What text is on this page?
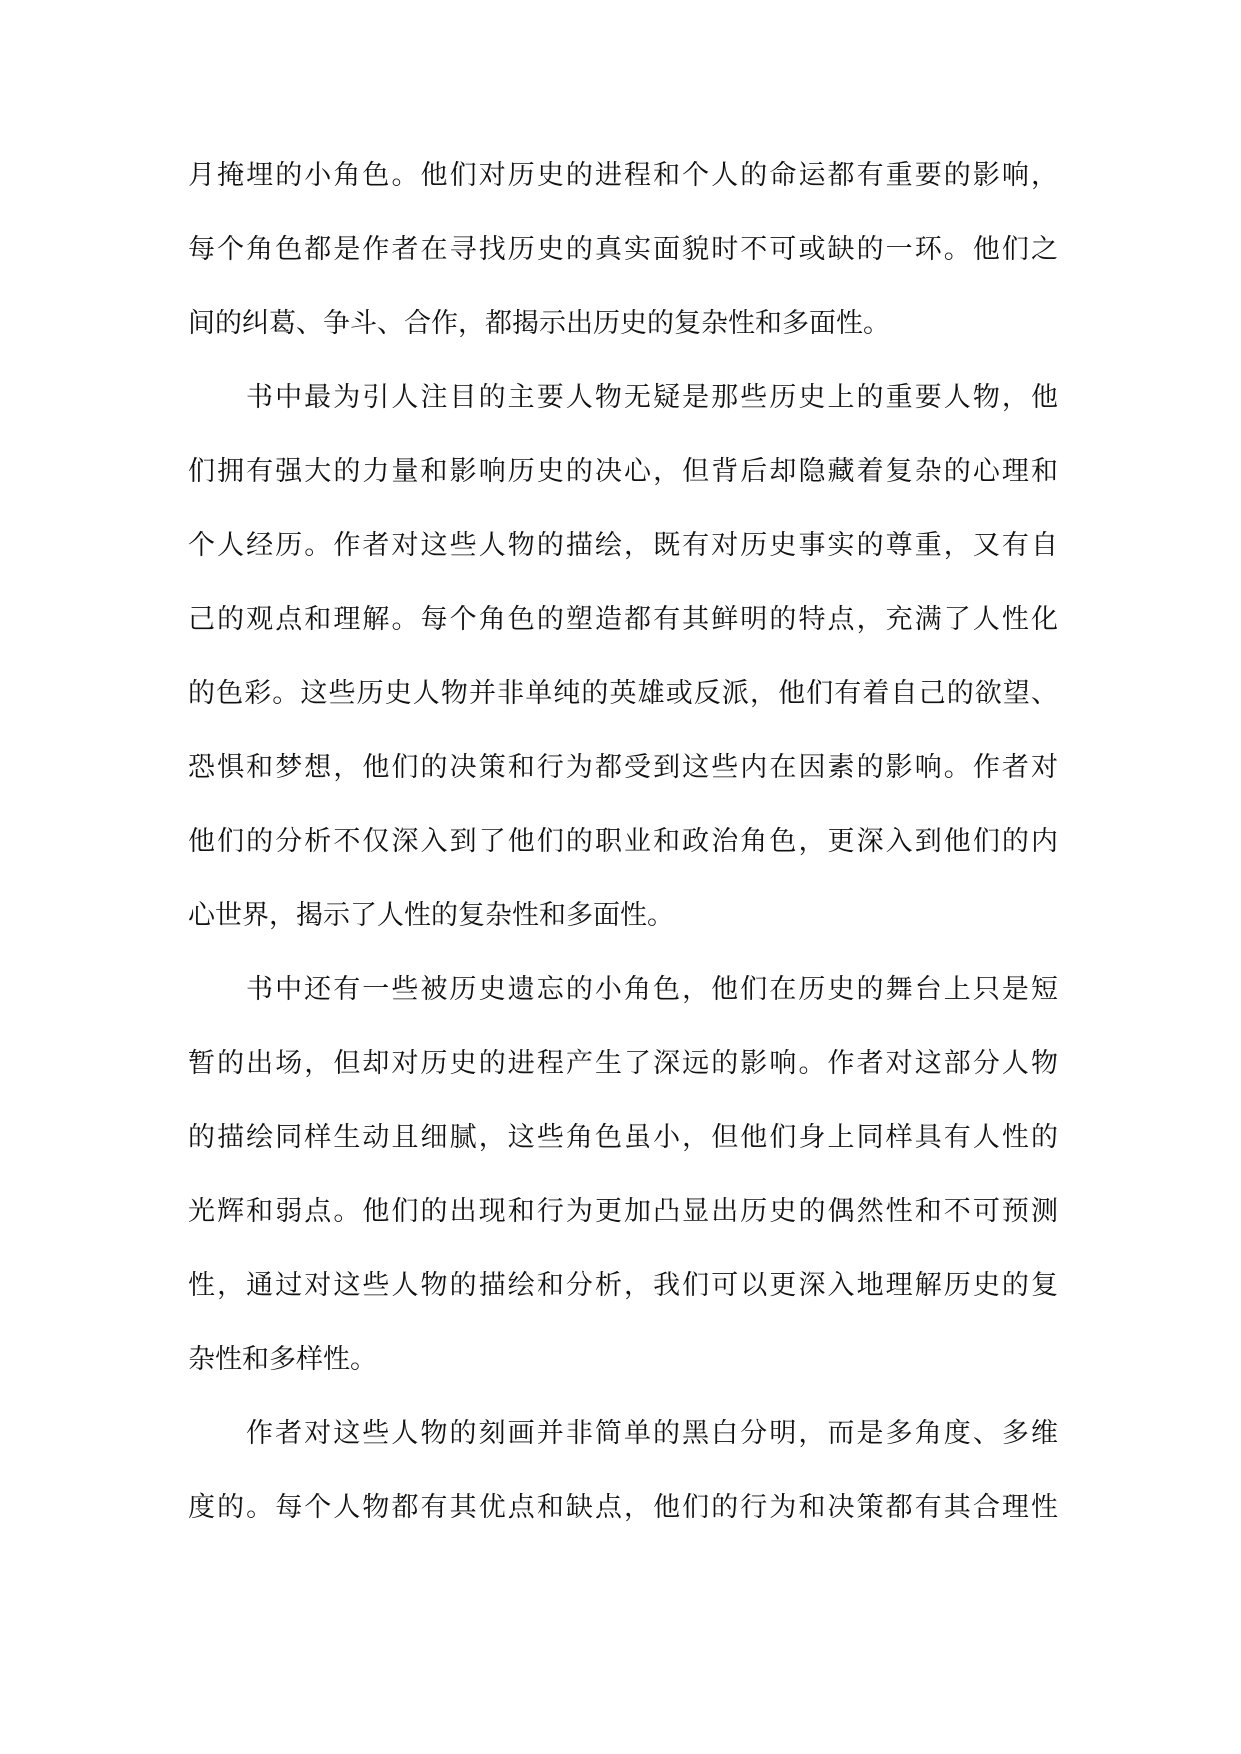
月掩埋的小角色。他们对历史的进程和个人的命运都有重要的影响，
每个角色都是作者在寻找历史的真实面貌时不可或缺的一环。他们之
间的纠葛、争斗、合作，都揭示出历史的复杂性和多面性。
书中最为引人注目的主要人物无疑是那些历史上的重要人物，他
们拥有强大的力量和影响历史的决心，但背后却隐藏着复杂的心理和
个人经历。作者对这些人物的描绘，既有对历史事实的尊重，又有自
己的观点和理解。每个角色的塑造都有其鲜明的特点，充满了人性化
的色彩。这些历史人物并非单纯的英雄或反派，他们有着自己的欲望、
恐惧和梦想，他们的决策和行为都受到这些内在因素的影响。作者对
他们的分析不仅深入到了他们的职业和政治角色，更深入到他们的内
心世界，揭示了人性的复杂性和多面性。
书中还有一些被历史遗忘的小角色，他们在历史的舞台上只是短
暂的出场，但却对历史的进程产生了深远的影响。作者对这部分人物
的描绘同样生动且细腻，这些角色虽小，但他们身上同样具有人性的
光辉和弱点。他们的出现和行为更加凸显出历史的偶然性和不可预测
性，通过对这些人物的描绘和分析，我们可以更深入地理解历史的复
杂性和多样性。
作者对这些人物的刻画并非简单的黑白分明，而是多角度、多维
度的。每个人物都有其优点和缺点，他们的行为和决策都有其合理性
